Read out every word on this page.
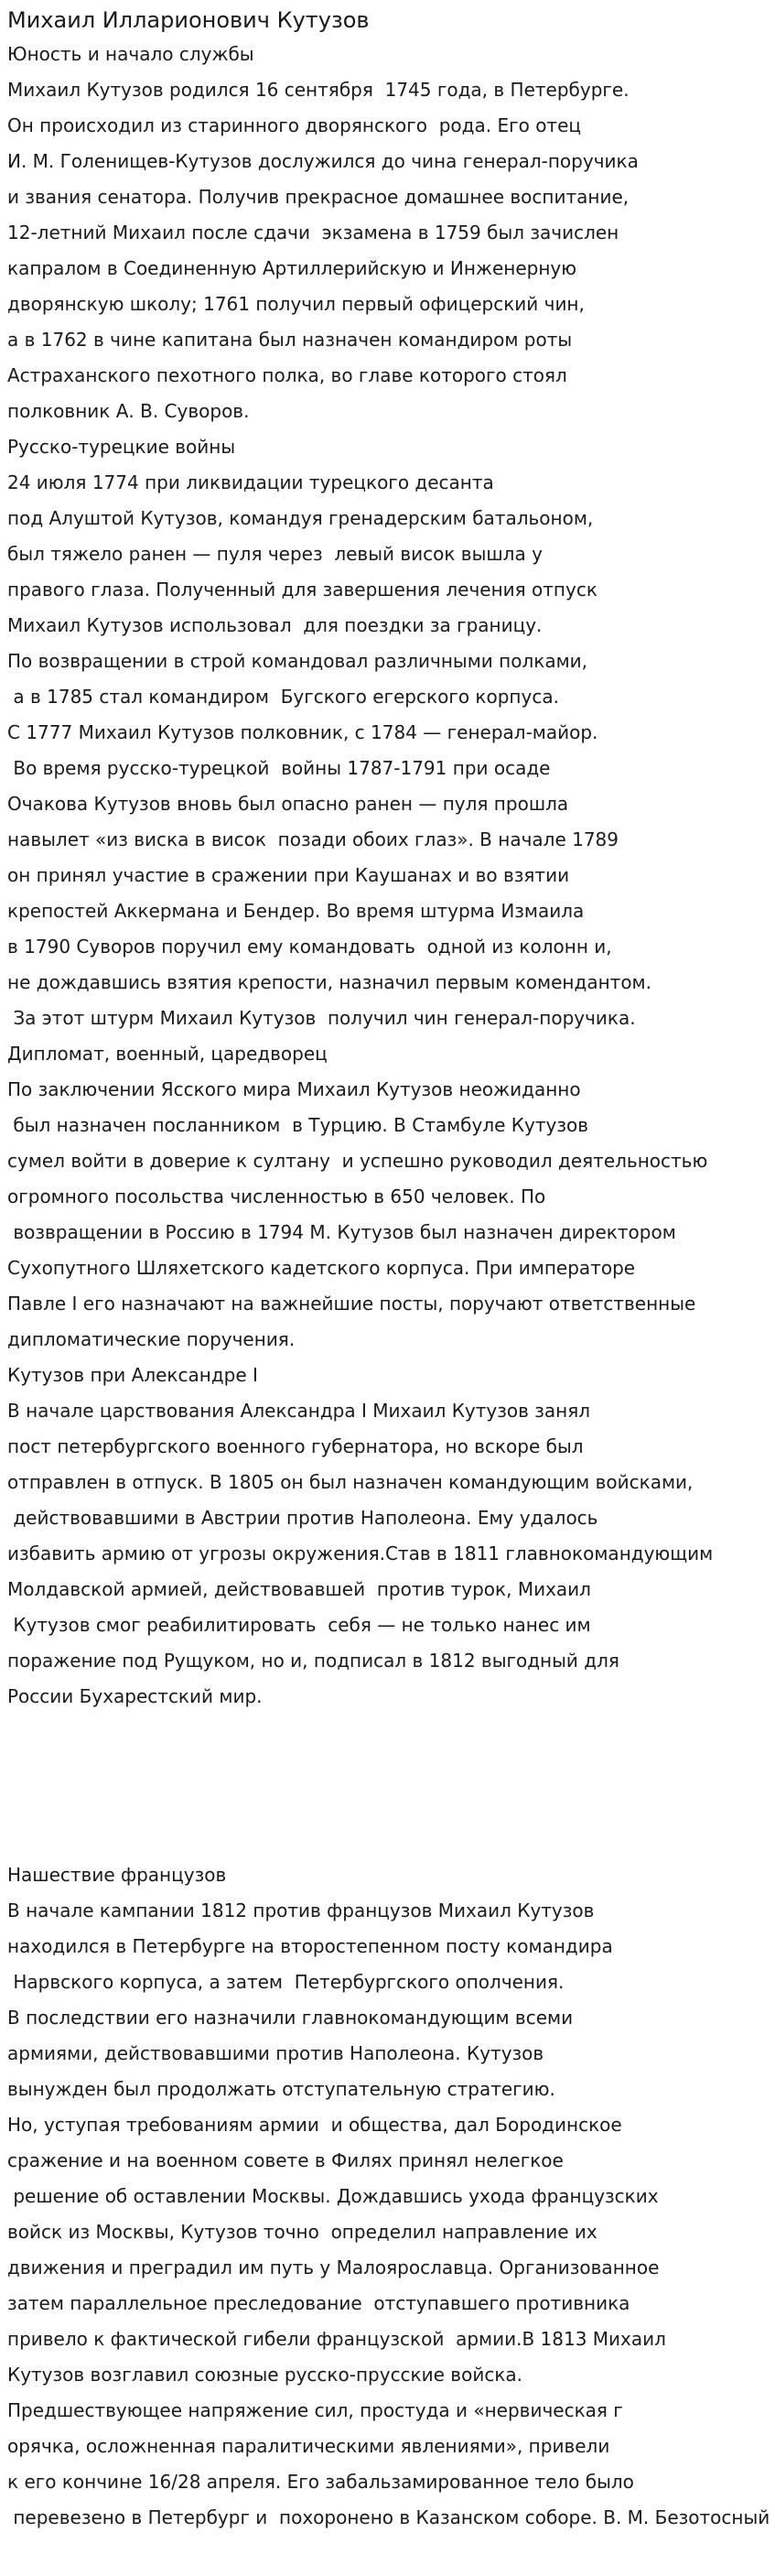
Михаил Илларионович Кутузов
Юность и начало службы
Михаил Кутузов родился 16 сентября  1745 года, в Петербурге.
Он происходил из старинного дворянского  рода. Его отец
И. М. Голенищев-Кутузов дослужился до чина генерал-поручика
и звания сенатора. Получив прекрасное домашнее воспитание,
12-летний Михаил после сдачи  экзамена в 1759 был зачислен
капралом в Соединенную Артиллерийскую и Инженерную
дворянскую школу; 1761 получил первый офицерский чин,
а в 1762 в чине капитана был назначен командиром роты
Астраханского пехотного полка, во главе которого стоял
полковник А. В. Суворов.
Русско-турецкие войны
24 июля 1774 при ликвидации турецкого десанта
под Алуштой Кутузов, командуя гренадерским батальоном,
был тяжело ранен — пуля через  левый висок вышла у
правого глаза. Полученный для завершения лечения отпуск
Михаил Кутузов использовал  для поездки за границу.
По возвращении в строй командовал различными полками,
а в 1785 стал командиром  Бугского егерского корпуса.
С 1777 Михаил Кутузов полковник, с 1784 — генерал-майор.
Во время русско-турецкой  войны 1787-1791 при осаде
Очакова Кутузов вновь был опасно ранен — пуля прошла
навылет «из виска в висок  позади обоих глаз». В начале 1789
он принял участие в сражении при Каушанах и во взятии
крепостей Аккермана и Бендер. Во время штурма Измаила
в 1790 Суворов поручил ему командовать  одной из колонн и,
не дождавшись взятия крепости, назначил первым комендантом.
За этот штурм Михаил Кутузов  получил чин генерал-поручика.
Дипломат, военный, царедворец
По заключении Ясского мира Михаил Кутузов неожиданно
был назначен посланником  в Турцию. В Стамбуле Кутузов
сумел войти в доверие к султану  и успешно руководил деятельностью
огромного посольства численностью в 650 человек. По
возвращении в Россию в 1794 М. Кутузов был назначен директором
Сухопутного Шляхетского кадетского корпуса. При императоре
Павле I его назначают на важнейшие посты, поручают ответственные
дипломатические поручения.
Кутузов при Александре I
В начале царствования Александра I Михаил Кутузов занял
пост петербургского военного губернатора, но вскоре был
отправлен в отпуск. В 1805 он был назначен командующим войсками,
действовавшими в Австрии против Наполеона. Ему удалось
избавить армию от угрозы окружения.Став в 1811 главнокомандующим
Молдавской армией, действовавшей  против турок, Михаил
Кутузов смог реабилитировать  себя — не только нанес им
поражение под Рущуком, но и, подписал в 1812 выгодный для
России Бухарестский мир.
Нашествие французов
В начале кампании 1812 против французов Михаил Кутузов
находился в Петербурге на второстепенном посту командира
Нарвского корпуса, а затем  Петербургского ополчения.
В последствии его назначили главнокомандующим всеми
армиями, действовавшими против Наполеона. Кутузов
вынужден был продолжать отступательную стратегию.
Но, уступая требованиям армии  и общества, дал Бородинское
сражение и на военном совете в Филях принял нелегкое
решение об оставлении Москвы. Дождавшись ухода французских
войск из Москвы, Кутузов точно  определил направление их
движения и преградил им путь у Малоярославца. Организованное
затем параллельное преследование  отступавшего противника
привело к фактической гибели французской  армии.В 1813 Михаил
Кутузов возглавил союзные русско-прусские войска.
Предшествующее напряжение сил, простуда и «нервическая г
орячка, осложненная паралитическими явлениями», привели
к его кончине 16/28 апреля. Его забальзамированное тело было
перевезено в Петербург и  похоронено в Казанском соборе. В. М. Безотосный
